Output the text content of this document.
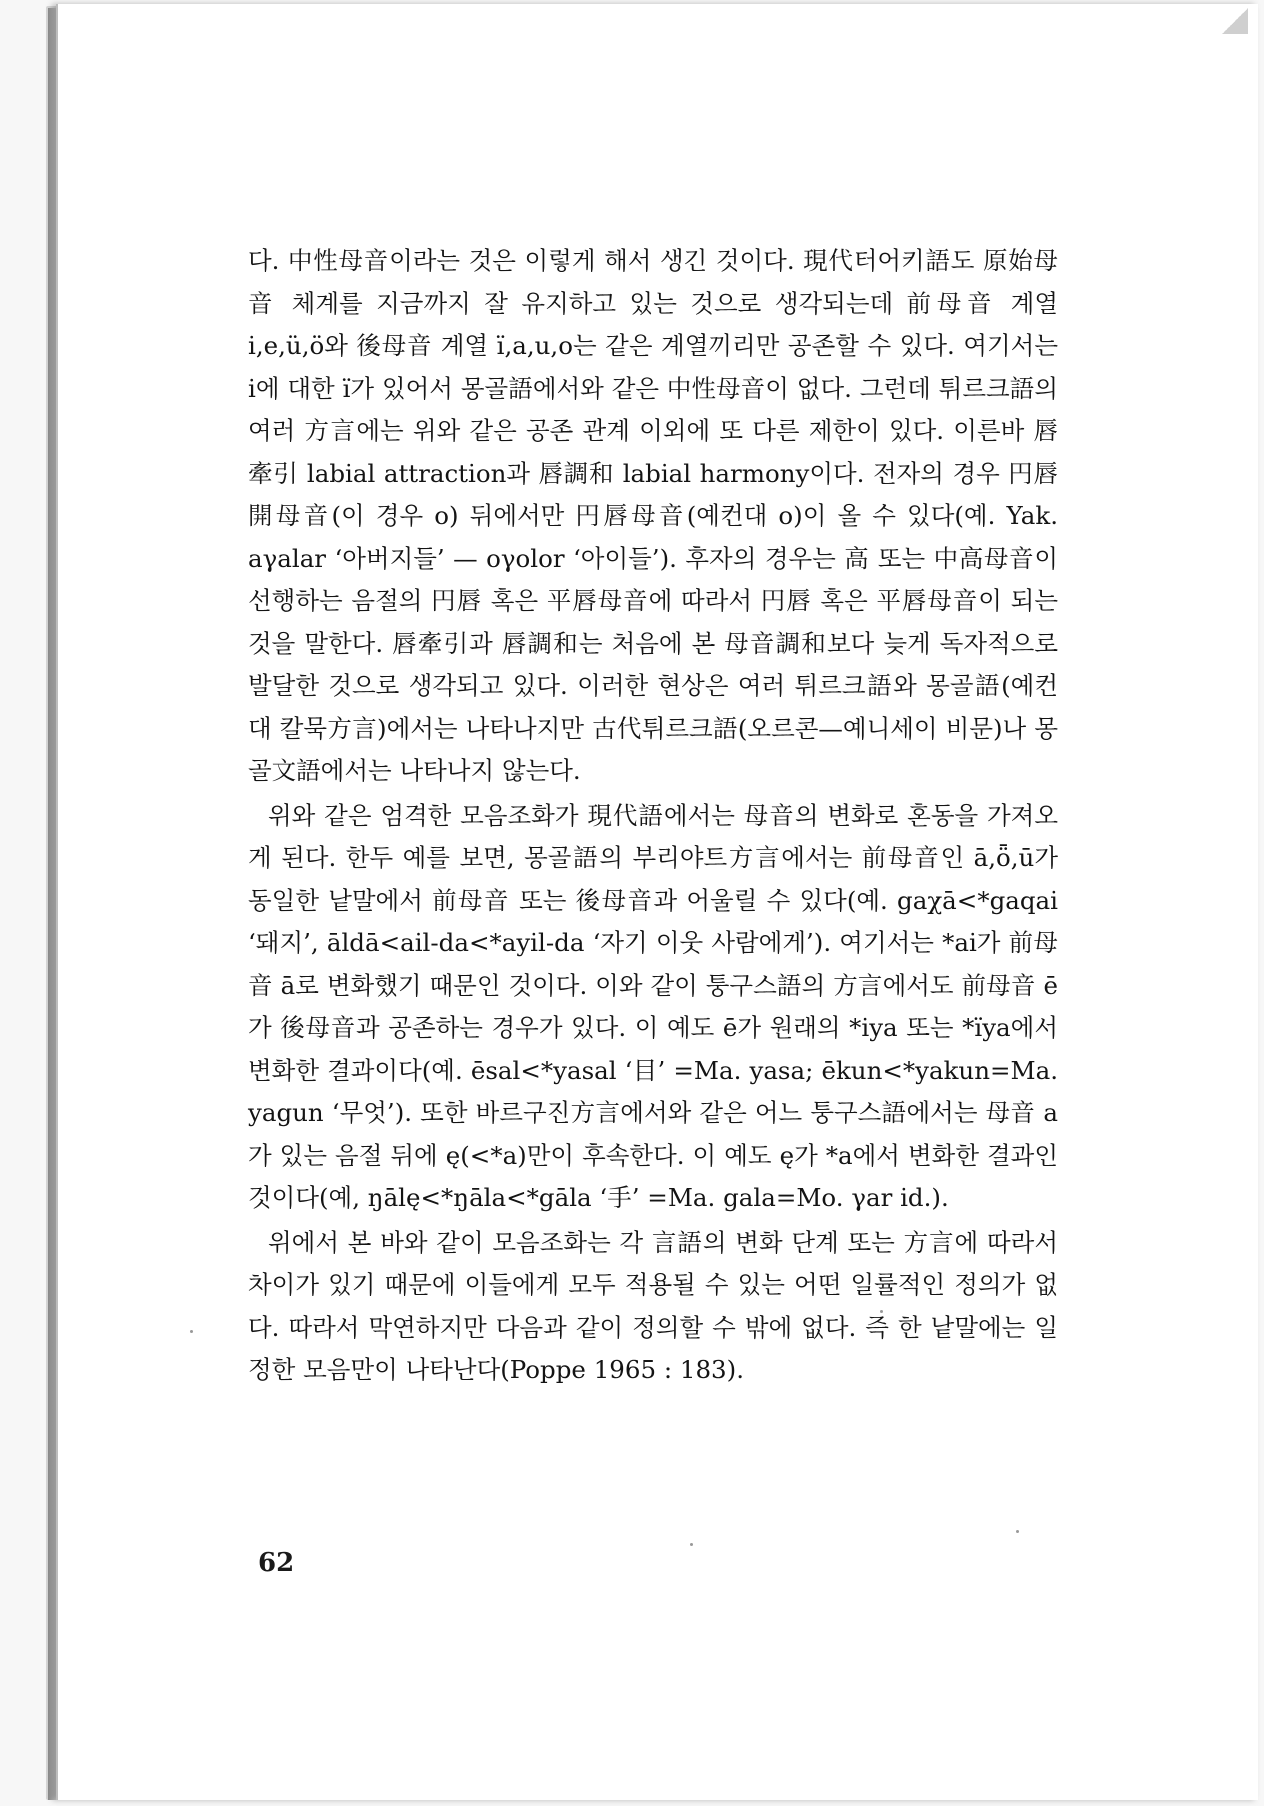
다. 中性母音이라는 것은 이렇게 해서 생긴 것이다. 現代터어키語도 原始母音 체계를 지금까지 잘 유지하고 있는 것으로 생각되는데 前母音 계열 i,e,ü,ö와 後母音 계열 ï,a,u,o는 같은 계열끼리만 공존할 수 있다. 여기서는 i에 대한 ï가 있어서 몽골語에서와 같은 中性母音이 없다. 그런데 튀르크語의 여러 方言에는 위와 같은 공존 관계 이외에 또 다른 제한이 있다. 이른바 唇牽引 labial attraction과 唇調和 labial harmony이다. 전자의 경우 円唇開母音(이 경우 o) 뒤에서만 円唇母音(예컨대 o)이 올 수 있다(예. Yak. aγalar ‘아버지들’ — oγolor ‘아이들’). 후자의 경우는 高 또는 中高母音이 선행하는 음절의 円唇 혹은 平唇母音에 따라서 円唇 혹은 平唇母音이 되는 것을 말한다. 唇牽引과 唇調和는 처음에 본 母音調和보다 늦게 독자적으로 발달한 것으로 생각되고 있다. 이러한 현상은 여러 튀르크語와 몽골語(예컨대 칼묵方言)에서는 나타나지만 古代튀르크語(오르콘—예니세이 비문)나 몽골文語에서는 나타나지 않는다.

위와 같은 엄격한 모음조화가 現代語에서는 母音의 변화로 혼동을 가져오게 된다. 한두 예를 보면, 몽골語의 부리야트方言에서는 前母音인 ā,ȫ,ū가 동일한 낱말에서 前母音 또는 後母音과 어울릴 수 있다(예. gaχā<*gaqai ‘돼지’, āldā<ail-da<*ayil-da ‘자기 이웃 사람에게’). 여기서는 *ai가 前母音 ā로 변화했기 때문인 것이다. 이와 같이 퉁구스語의 方言에서도 前母音 ē가 後母音과 공존하는 경우가 있다. 이 예도 ē가 원래의 *iya 또는 *ïya에서 변화한 결과이다(예. ēsal<*yasal ‘目’ =Ma. yasa; ēkun<*yakun=Ma. yagun ‘무엇’). 또한 바르구진方言에서와 같은 어느 퉁구스語에서는 母音 a가 있는 음절 뒤에 ę(<*a)만이 후속한다. 이 예도 ę가 *a에서 변화한 결과인 것이다(예, ŋālę<*ŋāla<*gāla ‘手’ =Ma. gala=Mo. γar id.).

위에서 본 바와 같이 모음조화는 각 言語의 변화 단계 또는 方言에 따라서 차이가 있기 때문에 이들에게 모두 적용될 수 있는 어떤 일률적인 정의가 없다. 따라서 막연하지만 다음과 같이 정의할 수 밖에 없다. 즉 한 낱말에는 일정한 모음만이 나타난다(Poppe 1965 : 183).

62
